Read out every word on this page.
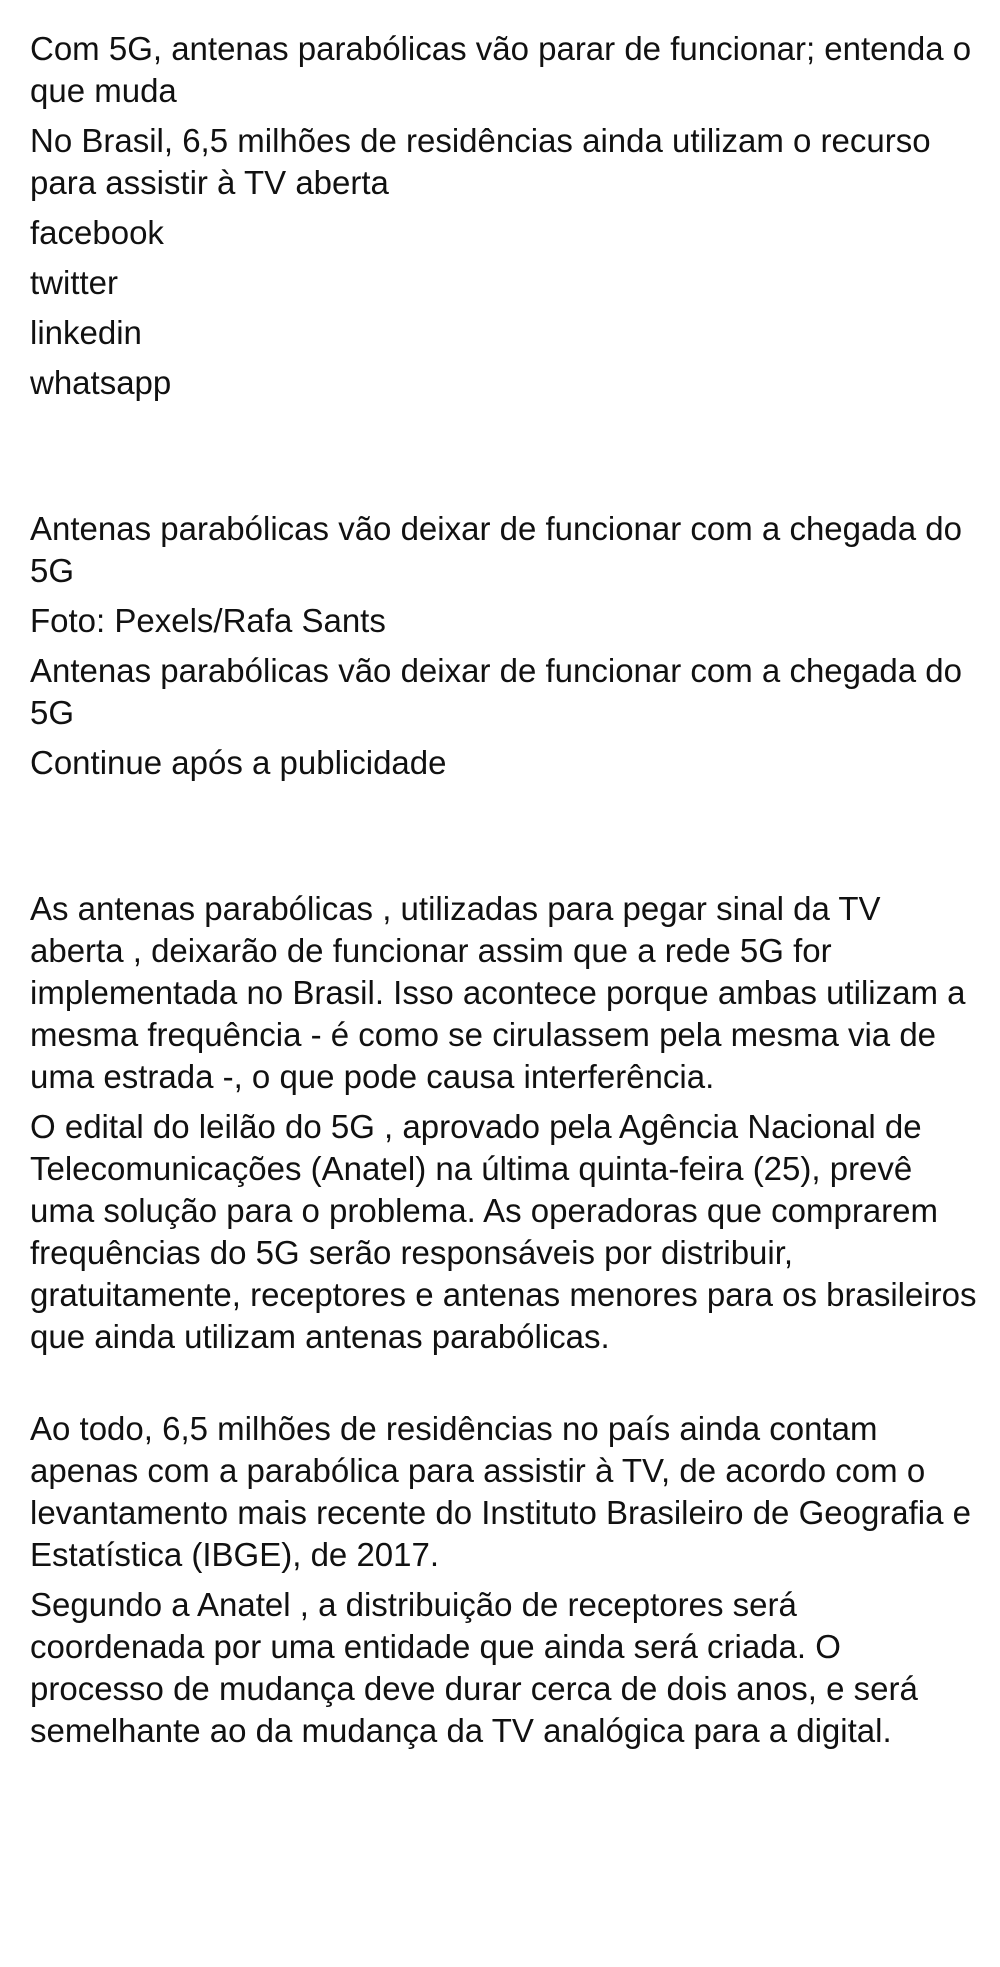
Com 5G, antenas parabólicas vão parar de funcionar; entenda o que muda

No Brasil, 6,5 milhões de residências ainda utilizam o recurso para assistir à TV aberta

facebook
twitter
linkedin
whatsapp

Antenas parabólicas vão deixar de funcionar com a chegada do 5G

Foto: Pexels/Rafa Sants

Antenas parabólicas vão deixar de funcionar com a chegada do 5G

Continue após a publicidade

As antenas parabólicas , utilizadas para pegar sinal da TV aberta , deixarão de funcionar assim que a rede 5G for implementada no Brasil. Isso acontece porque ambas utilizam a mesma frequência - é como se cirulassem pela mesma via de uma estrada -, o que pode causa interferência.

O edital do leilão do 5G , aprovado pela Agência Nacional de Telecomunicações (Anatel) na última quinta-feira (25), prevê uma solução para o problema. As operadoras que comprarem frequências do 5G serão responsáveis por distribuir, gratuitamente, receptores e antenas menores para os brasileiros que ainda utilizam antenas parabólicas.

Ao todo, 6,5 milhões de residências no país ainda contam apenas com a parabólica para assistir à TV, de acordo com o levantamento mais recente do Instituto Brasileiro de Geografia e Estatística (IBGE), de 2017.

Segundo a Anatel , a distribuição de receptores será coordenada por uma entidade que ainda será criada. O processo de mudança deve durar cerca de dois anos, e será semelhante ao da mudança da TV analógica para a digital.
